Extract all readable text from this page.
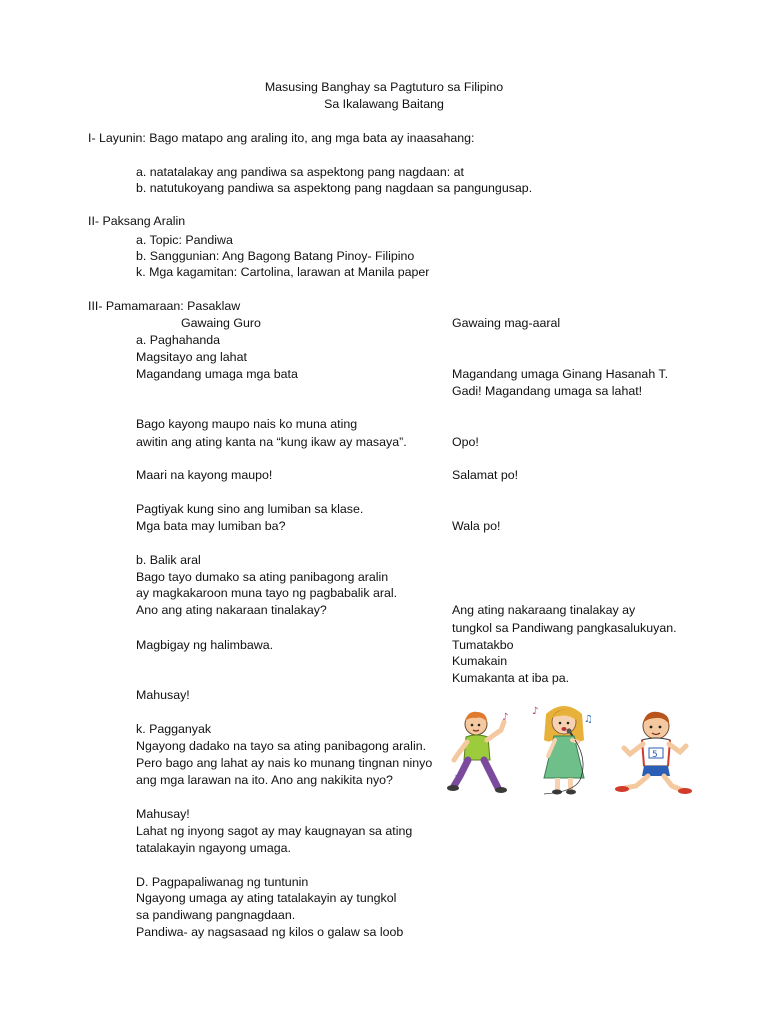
Masusing Banghay sa Pagtuturo sa Filipino
Sa Ikalawang Baitang
I- Layunin: Bago matapo ang araling ito, ang mga bata ay inaasahang:
a. natatalakay ang pandiwa sa aspektong pang nagdaan: at
b. natutukoyang pandiwa sa aspektong pang nagdaan sa pangungusap.
II- Paksang Aralin
a. Topic: Pandiwa
b. Sanggunian: Ang Bagong Batang Pinoy- Filipino
k. Mga kagamitan: Cartolina, larawan at Manila paper
III- Pamamaraan: Pasaklaw
Gawaing Guro	Gawaing mag-aaral
a. Paghahanda
Magsitayo ang lahat
Magandang umaga mga bata
Bago kayong maupo nais ko muna ating
awitin ang ating kanta na “kung ikaw ay masaya”.
Maari na kayong maupo!
Pagtiyak kung sino ang lumiban sa klase.
Mga bata may lumiban ba?
b. Balik aral
Bago tayo dumako sa ating panibagong aralin
ay magkakaroon muna tayo ng pagbabalik aral.
Ano ang ating nakaraan tinalakay?
Magbigay ng halimbawa.
Mahusay!
k. Pagganyak
Ngayong dadako na tayo sa ating panibagong aralin.
Pero bago ang lahat ay nais ko munang tingnan ninyo
ang mga larawan na ito. Ano ang nakikita nyo?
Mahusay!
Lahat ng inyong sagot ay may kaugnayan sa ating
tatalakayin ngayong umaga.
D. Pagpapaliwanag ng tuntunin
Ngayong umaga ay ating tatalakayin ay tungkol
sa pandiwang pangnagdaan.
Pandiwa- ay nagsasaad ng kilos o galaw sa loob
Magandang umaga Ginang Hasanah T.
Gadi! Magandang umaga sa lahat!
Opo!
Salamat po!
Wala po!
Ang ating nakaraang tinalakay ay
tungkol sa Pandiwang pangkasalukuyan.
Tumatakbo
Kumakain
Kumakanta at iba pa.
♪
♫
♪
♫
5
